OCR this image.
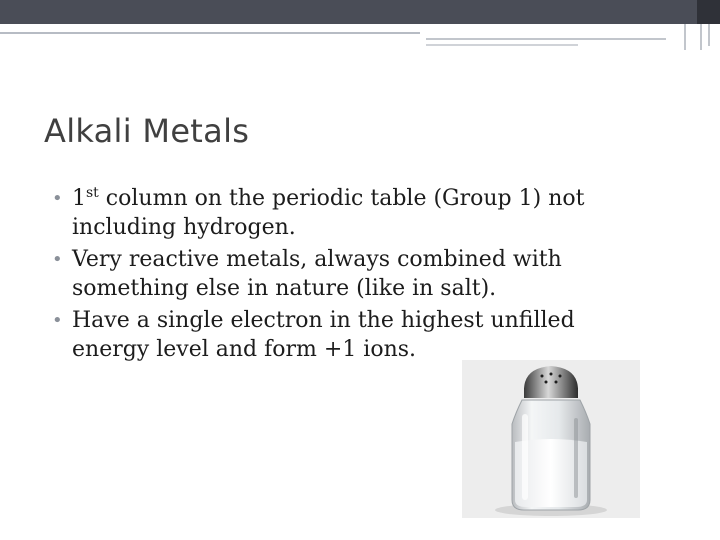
Alkali Metals
• 1st column on the periodic table (Group 1) not including hydrogen.
• Very reactive metals, always combined with something else in nature (like in salt).
• Have a single electron in the highest unfilled energy level and form +1 ions.
